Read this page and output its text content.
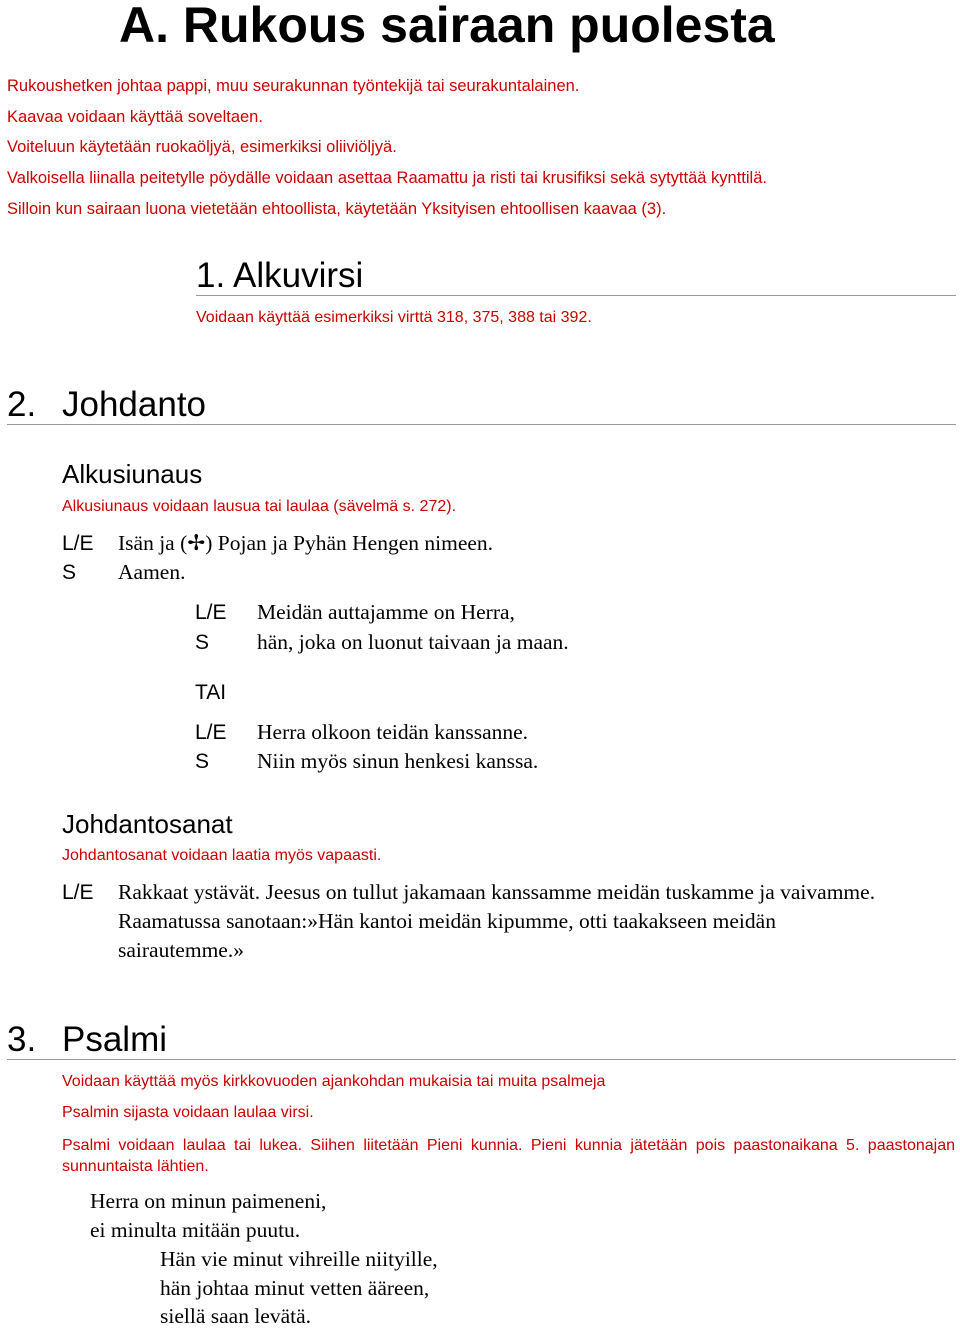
A. Rukous sairaan puolesta
Rukoushetken johtaa pappi, muu seurakunnan työntekijä tai seurakuntalainen.
Kaavaa voidaan käyttää soveltaen.
Voiteluun käytetään ruokaöljyä, esimerkiksi oliiviöljyä.
Valkoisella liinalla peitetylle pöydälle voidaan asettaa Raamattu ja risti tai krusifiksi sekä sytyttää kynttilä.
Silloin kun sairaan luona vietetään ehtoollista, käytetään Yksityisen ehtoollisen kaavaa (3).
1. Alkuvirsi
Voidaan käyttää esimerkiksi virttä 318, 375, 388 tai 392.
2. Johdanto
Alkusiunaus
Alkusiunaus voidaan lausua tai laulaa (sävelmä s. 272).
L/E Isän ja (✢) Pojan ja Pyhän Hengen nimeen.
S Aamen.
L/E Meidän auttajamme on Herra,
S hän, joka on luonut taivaan ja maan.
TAI
L/E Herra olkoon teidän kanssanne.
S Niin myös sinun henkesi kanssa.
Johdantosanat
Johdantosanat voidaan laatia myös vapaasti.
L/E Rakkaat ystävät. Jeesus on tullut jakamaan kanssamme meidän tuskamme ja vaivamme.
Raamatussa sanotaan:»Hän kantoi meidän kipumme, otti taakakseen meidän
sairautemme.»
3. Psalmi
Voidaan käyttää myös kirkkovuoden ajankohdan mukaisia tai muita psalmeja
Psalmin sijasta voidaan laulaa virsi.
Psalmi voidaan laulaa tai lukea. Siihen liitetään Pieni kunnia. Pieni kunnia jätetään pois paastonaikana 5. paastonajan sunnuntaista lähtien.
Herra on minun paimeneni,
ei minulta mitään puutu.
Hän vie minut vihreille niityille,
hän johtaa minut vetten ääreen,
siellä saan levätä.
